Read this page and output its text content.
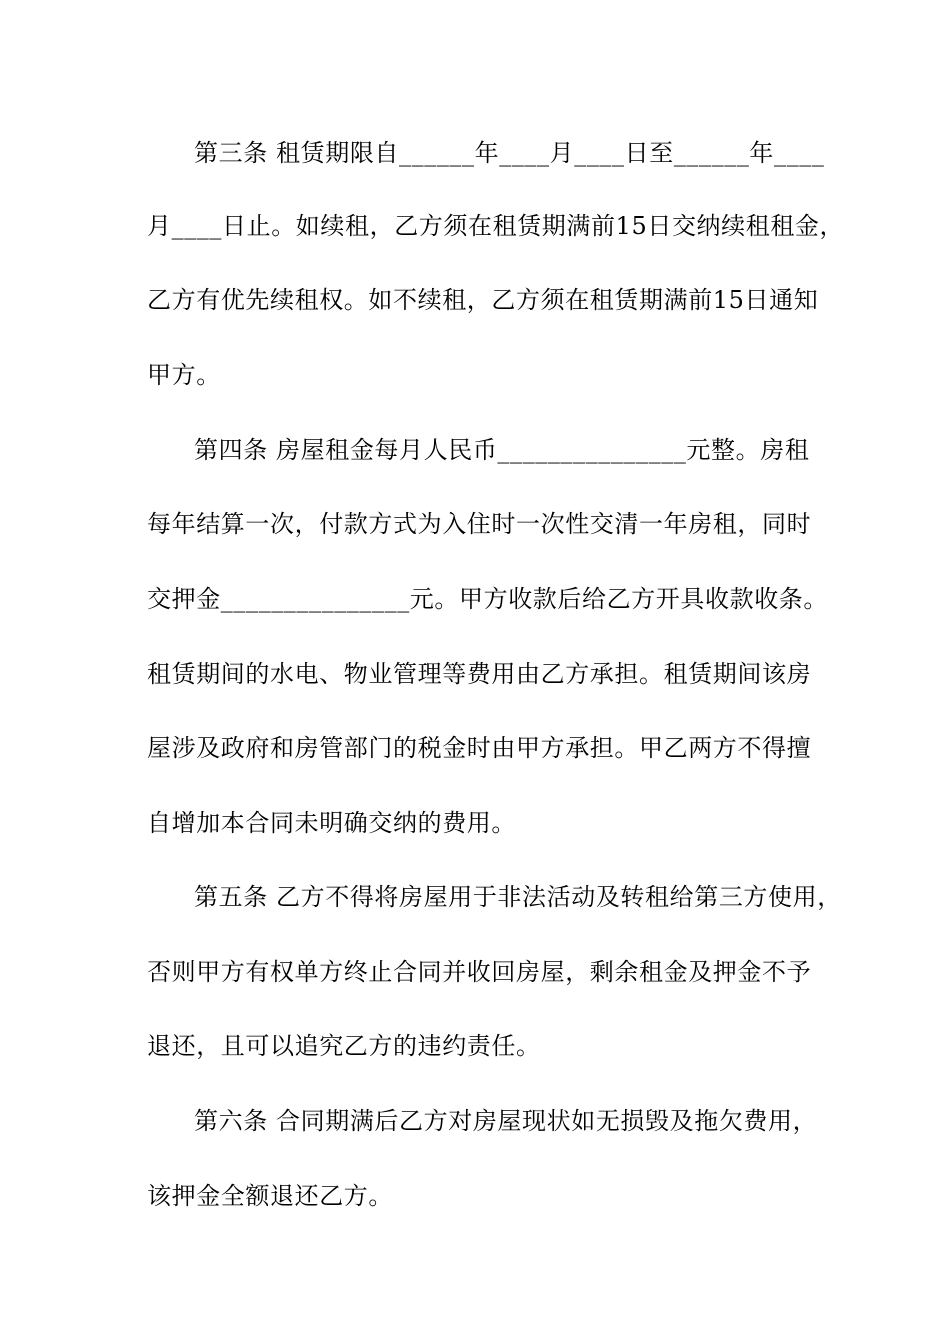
第三条 租赁期限自______年____月____日至______年____
月____日止。如续租，乙方须在租赁期满前15日交纳续租租金，
乙方有优先续租权。如不续租，乙方须在租赁期满前15日通知
甲方。
第四条 房屋租金每月人民币_______________元整。房租
每年结算一次，付款方式为入住时一次性交清一年房租，同时
交押金_______________元。甲方收款后给乙方开具收款收条。
租赁期间的水电、物业管理等费用由乙方承担。租赁期间该房
屋涉及政府和房管部门的税金时由甲方承担。甲乙两方不得擅
自增加本合同未明确交纳的费用。
第五条 乙方不得将房屋用于非法活动及转租给第三方使用，
否则甲方有权单方终止合同并收回房屋，剩余租金及押金不予
退还，且可以追究乙方的违约责任。
第六条 合同期满后乙方对房屋现状如无损毁及拖欠费用，
该押金全额退还乙方。
